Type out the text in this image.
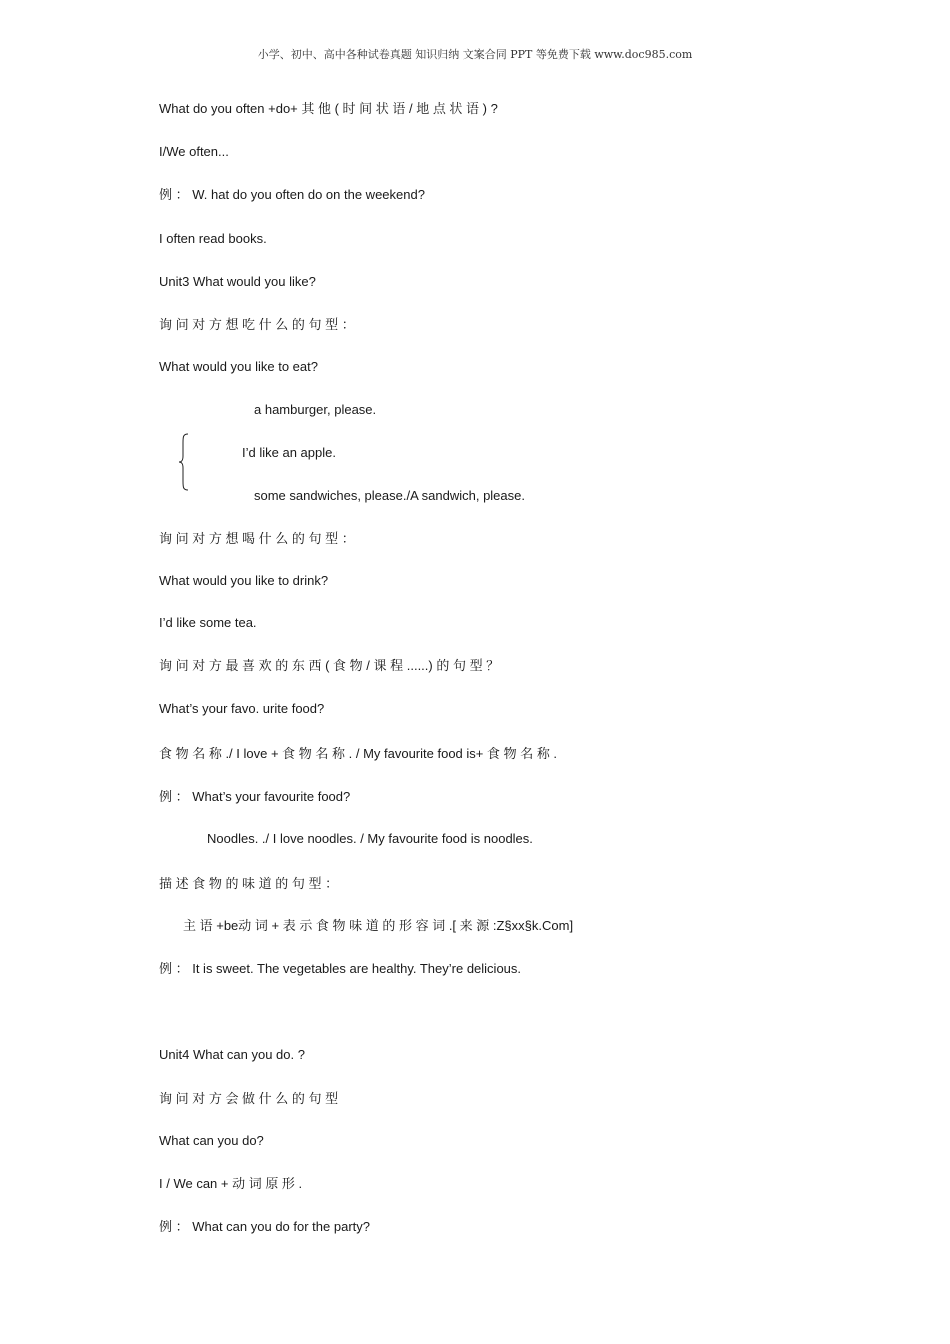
小学、初中、高中各种试卷真题 知识归纳 文案合同 PPT 等免费下载 www.doc985.com
What do you often +do+ 其 他 ( 时 间 状 语 / 地 点 状 语 ) ?
I/We often...
例 ： W. hat do you often do on the weekend?
I often read books.
Unit3 What would you like?
询 问 对 方 想 吃 什 么 的 句 型 ：
What would you like to eat?
a hamburger, please.
I’d like an apple.
some sandwiches, please./A sandwich, please.
询 问 对 方 想 喝 什 么 的 句 型 ：
What would you like to drink?
I’d like some tea.
询 问 对 方 最 喜 欢 的 东 西 ( 食 物 / 课 程 ......) 的 句 型 ？
What’s your favo. urite food?
食 物 名 称 ./ I love + 食 物 名 称 . / My favourite food is+ 食 物 名 称 .
例 ： What’s your favourite food?
Noodles. ./ I love noodles. / My favourite food is noodles.
描 述 食 物 的 味 道 的 句 型 ：
主 语 +be动 词 + 表 示 食 物 味 道 的 形 容 词 .[ 来 源 :Z§xx§k.Com]
例 ： It is sweet. The vegetables are healthy. They’re delicious.
Unit4 What can you do. ?
询 问 对 方 会 做 什 么 的 句 型
What can you do?
I / We can + 动 词 原 形 .
例 ： What can you do for the party?
